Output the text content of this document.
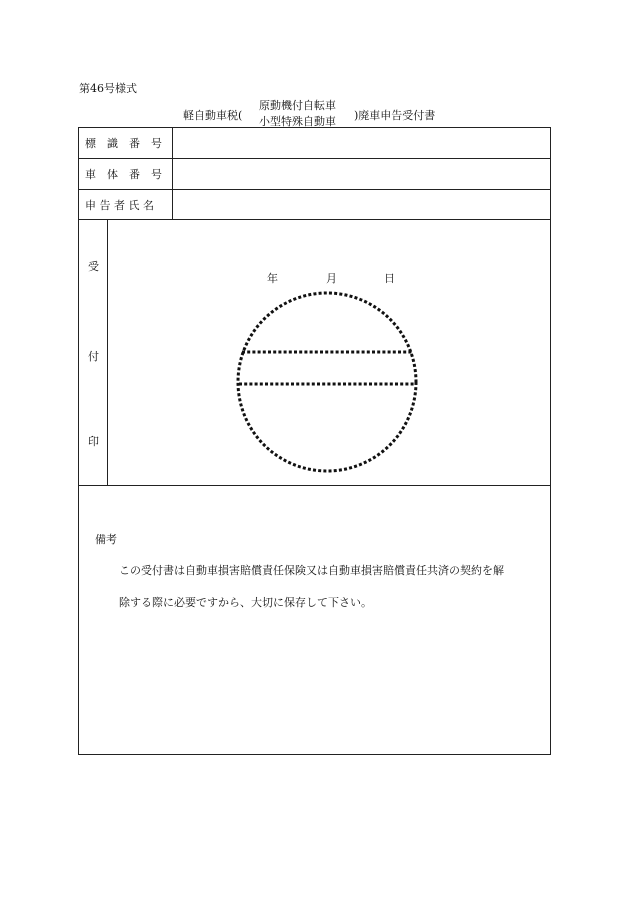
第46号様式
軽自動車税(
原動機付自転車
小型特殊自動車 )廃車申告受付書
標　識　番　号
車　体　番　号
申 告 者 氏 名
受
付
印
年	月	日
備考
この受付書は自動車損害賠償責任保険又は自動車損害賠償責任共済の契約を解
除する際に必要ですから、大切に保存して下さい。
